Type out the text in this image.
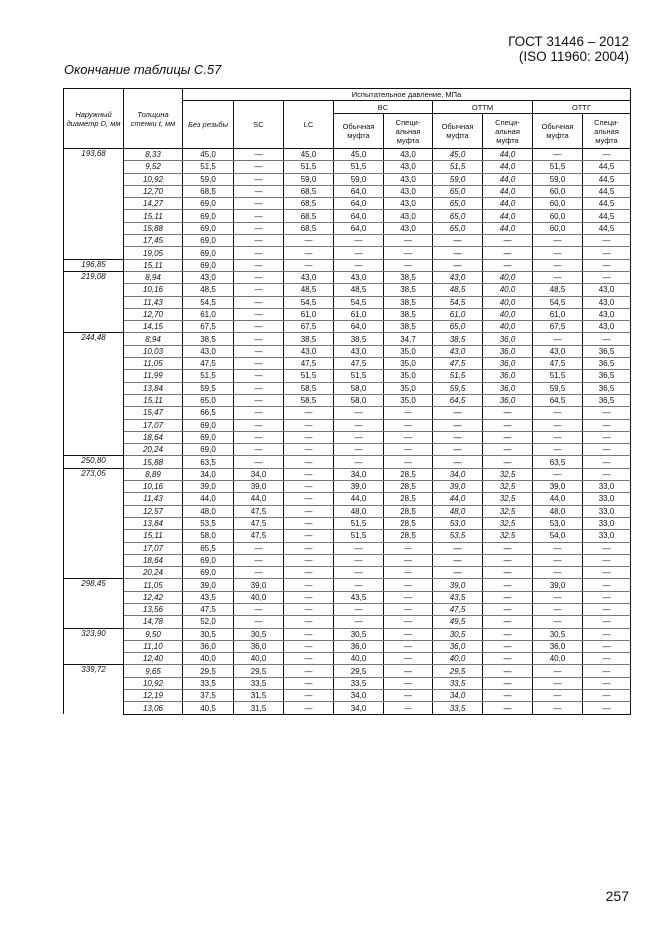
ГОСТ 31446 – 2012
(ISO 11960: 2004)
Окончание таблицы С.57
Наружный диаметр D, мм	Толщина стенки t, мм	Испытательное давление, МПа								
		Без резьбы	SC	LC	BC		ОТТМ		ОТТГ	
					Обычная муфта	Специ-альная муфта	Обычная муфта	Специ-альная муфта	Обычная муфта	Специ-альная муфта
193,68	8,33	45,0	—	45,0	45,0	43,0	45,0	44,0	—	—
	9,52	51,5	—	51,5	51,5	43,0	51,5	44,0	51,5	44,5
	10,92	59,0	—	59,0	59,0	43,0	59,0	44,0	59,0	44,5
	12,70	68,5	—	68,5	64,0	43,0	65,0	44,0	60,0	44,5
	14,27	69,0	—	68,5	64,0	43,0	65,0	44,0	60,0	44,5
	15,11	69,0	—	68,5	64,0	43,0	65,0	44,0	60,0	44,5
	15,88	69,0	—	68,5	64,0	43,0	65,0	44,0	60,0	44,5
	17,45	69,0	—	—	—	—	—	—	—	—
	19,05	69,0	—	—	—	—	—	—	—	—
196,85	15,11	69,0	—	—	—	—	—	—	—	—
219,08	8,94	43,0	—	43,0	43,0	38,5	43,0	40,0	—	—
	10,16	48,5	—	48,5	48,5	38,5	48,5	40,0	48,5	43,0
	11,43	54,5	—	54,5	54,5	38,5	54,5	40,0	54,5	43,0
	12,70	61,0	—	61,0	61,0	38,5	61,0	40,0	61,0	43,0
	14,15	67,5	—	67,5	64,0	38,5	65,0	40,0	67,5	43,0
244,48	8,94	38,5	—	38,5	38,5	34,7	38,5	36,0	—	—
	10,03	43,0	—	43,0	43,0	35,0	43,0	36,0	43,0	36,5
	11,05	47,5	—	47,5	47,5	35,0	47,5	36,0	47,5	36,5
	11,99	51,5	—	51,5	51,5	35,0	51,5	36,0	51,5	36,5
	13,84	59,5	—	58,5	58,0	35,0	59,5	36,0	59,5	36,5
	15,11	65,0	—	58,5	58,0	35,0	64,5	36,0	64,5	36,5
	15,47	66,5	—	—	—	—	—	—	—	—
	17,07	69,0	—	—	—	—	—	—	—	—
	18,64	69,0	—	—	—	—	—	—	—	—
	20,24	69,0	—	—	—	—	—	—	—	—
250,80	15,88	63,5	—	—	—	—	—	—	63,5	—
273,05	8,89	34,0	34,0	—	34,0	28,5	34,0	32,5	—	—
	10,16	39,0	39,0	—	39,0	28,5	39,0	32,5	39,0	33,0
	11,43	44,0	44,0	—	44,0	28,5	44,0	32,5	44,0	33,0
	12,57	48,0	47,5	—	48,0	28,5	48,0	32,5	48,0	33,0
	13,84	53,5	47,5	—	51,5	28,5	53,0	32,5	53,0	33,0
	15,11	58,0	47,5	—	51,5	28,5	53,5	32,5	54,0	33,0
	17,07	65,5	—	—	—	—	—	—	—	—
	18,64	69,0	—	—	—	—	—	—	—	—
	20,24	69,0	—	—	—	—	—	—	—	—
298,45	11,05	39,0	39,0	—	—	—	39,0	—	39,0	—
	12,42	43,5	40,0	—	43,5	—	43,5	—	—	—
	13,56	47,5	—	—	—	—	47,5	—	—	—
	14,78	52,0	—	—	—	—	49,5	—	—	—
323,90	9,50	30,5	30,5	—	30,5	—	30,5	—	30,5	—
	11,10	36,0	36,0	—	36,0	—	36,0	—	36,0	—
	12,40	40,0	40,0	—	40,0	—	40,0	—	40,0	—
339,72	9,65	29,5	29,5	—	29,5	—	29,5	—	—	—
	10,92	33,5	33,5	—	33,5	—	33,5	—	—	—
	12,19	37,5	31,5	—	34,0	—	34,0	—	—	—
	13,06	40,5	31,5	—	34,0	—	33,5	—	—	—
257
